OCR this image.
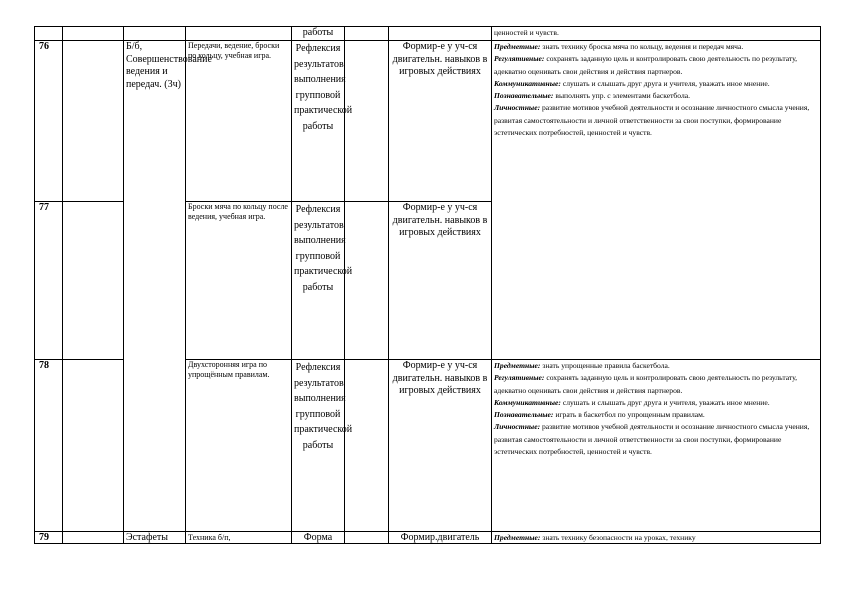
				работы			ценностей и чувств.
76		Б/б, Совершенствование ведения и передач. (3ч)	Передачи, ведение, броски по кольцу, учебная игра.	Рефлексия результатов выполнения групповой практической работы		Формир-е у уч-ся двигательн. навыков в игровых действиях	Предметные: знать технику броска мяча по кольцу, ведения и передач мяча.

Регулятивные: сохранять заданную цель и контролировать свою деятельность по результату, адекватно оценивать свои действия и действия партнеров.

Коммуникативные: слушать и слышать друг друга и учителя, уважать иное мнение.

Познавательные: выполнять упр. с элементами баскетбола.

Личностные: развитие мотивов учебной деятельности и осознание личностного смысла учения, развитая самостоятельности и личной ответственности за свои поступки, формирование эстетических потребностей, ценностей и чувств.

77			Броски мяча по кольцу после ведения, учебная игра.	Рефлексия результатов выполнения групповой практической работы		Формир-е у уч-ся двигательн. навыков в игровых действиях	
78			Двухсторонняя игра по упрощённым правилам.	Рефлексия результатов выполнения групповой практической работы		Формир-е у уч-ся двигательн. навыков в игровых действиях	Предметные: знать упрощенные правила баскетбола.

Регулятивные: сохранять заданную цель и контролировать свою деятельность по результату, адекватно оценивать свои действия и действия партнеров.

Коммуникативные: слушать и слышать друг друга и учителя, уважать иное мнение.

Познавательные: играть в баскетбол по упрощенным правилам.

Личностные: развитие мотивов учебной деятельности и осознание личностного смысла учения, развитая самостоятельности и личной ответственности за свои поступки, формирование эстетических потребностей, ценностей и чувств.

79		Эстафеты	Техника б/п,	Форма		Формир.двигатель	Предметные: знать технику безопасности на уроках, технику
